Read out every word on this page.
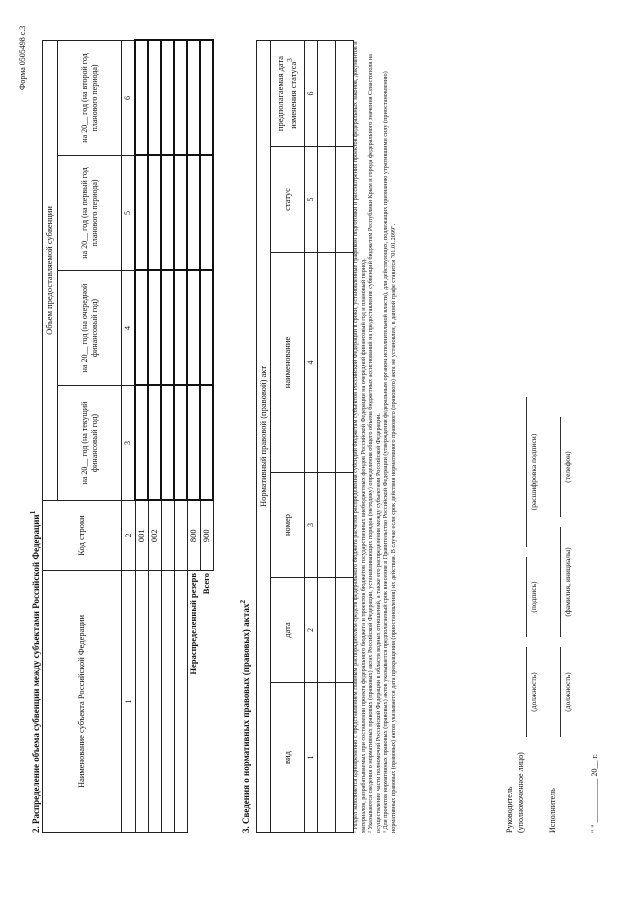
Форма 0505498 с.3
2. Распределение объема субвенции между субъектами Российской Федерации$^1$
Наименование субъекта Российской Федерации	Код строки	Объем предоставляемой субвенции			
		на 20__ год (на текущий финансовый год)	на 20__ год (на очередной финансовый год)	на 20__ год (на первый год планового периода)	на 20__ год (на второй год планового периода)
1	2	3	4	5	6
	001				
	002				

Нераспределенный резерв	800				
Всего	900				
3. Сведения о нормативных правовых (правовых) актах$^2$
Нормативный правовой (правовой) акт					
вид	дата	номер	наименование	статус	предполагаемая дата изменения статуса$^3$
1	2	3	4	5	6

						¹ Раздел заполняется одновременно с представлением главным распорядителем средств федерального бюджета расчетов распределения субсидий бюджетам субъектов Российской Федерации в сроки, установленные графиком подготовки и рассмотрения проектов федеральных законов, документов и материалов, разрабатываемых при составлении проекта федерального бюджета и проектов бюджетов государственных внебюджетных фондов Российской Федерации на очередной финансовый год и плановый период. ² Указываются сведения о нормативных правовых (правовых) актах Российской Федерации, устанавливающих порядок (методику) определения общего объема бюджетных ассигнований на предоставление субвенций бюджетам Республики Крым и города федерального значения Севастополя на осуществление части полномочий Российской Федерации в области водных отношений, а также его распределения между субъектами Российской Федерации. ³ Для проектов нормативных правовых (правовых) актов указывается предполагаемый срок внесения в Правительство Российской Федерации (утверждения федеральным органом исполнительной власти), для действующих, подлежащих признанию утратившими силу (приостановлению) нормативных правовых (правовых) актов указывается дата прекращения (приостановления) их действия. В случае если срок действия нормативного правового (правового) акта не установлен, в данной графе ставится "01.01.2099".	Руководитель (уполномоченное лицо)
(должность)
(подпись)
(расшифровка подписи)
Исполнитель
(должность)
(фамилия, инициалы)
(телефон)
" " ___________ 20__ г.
